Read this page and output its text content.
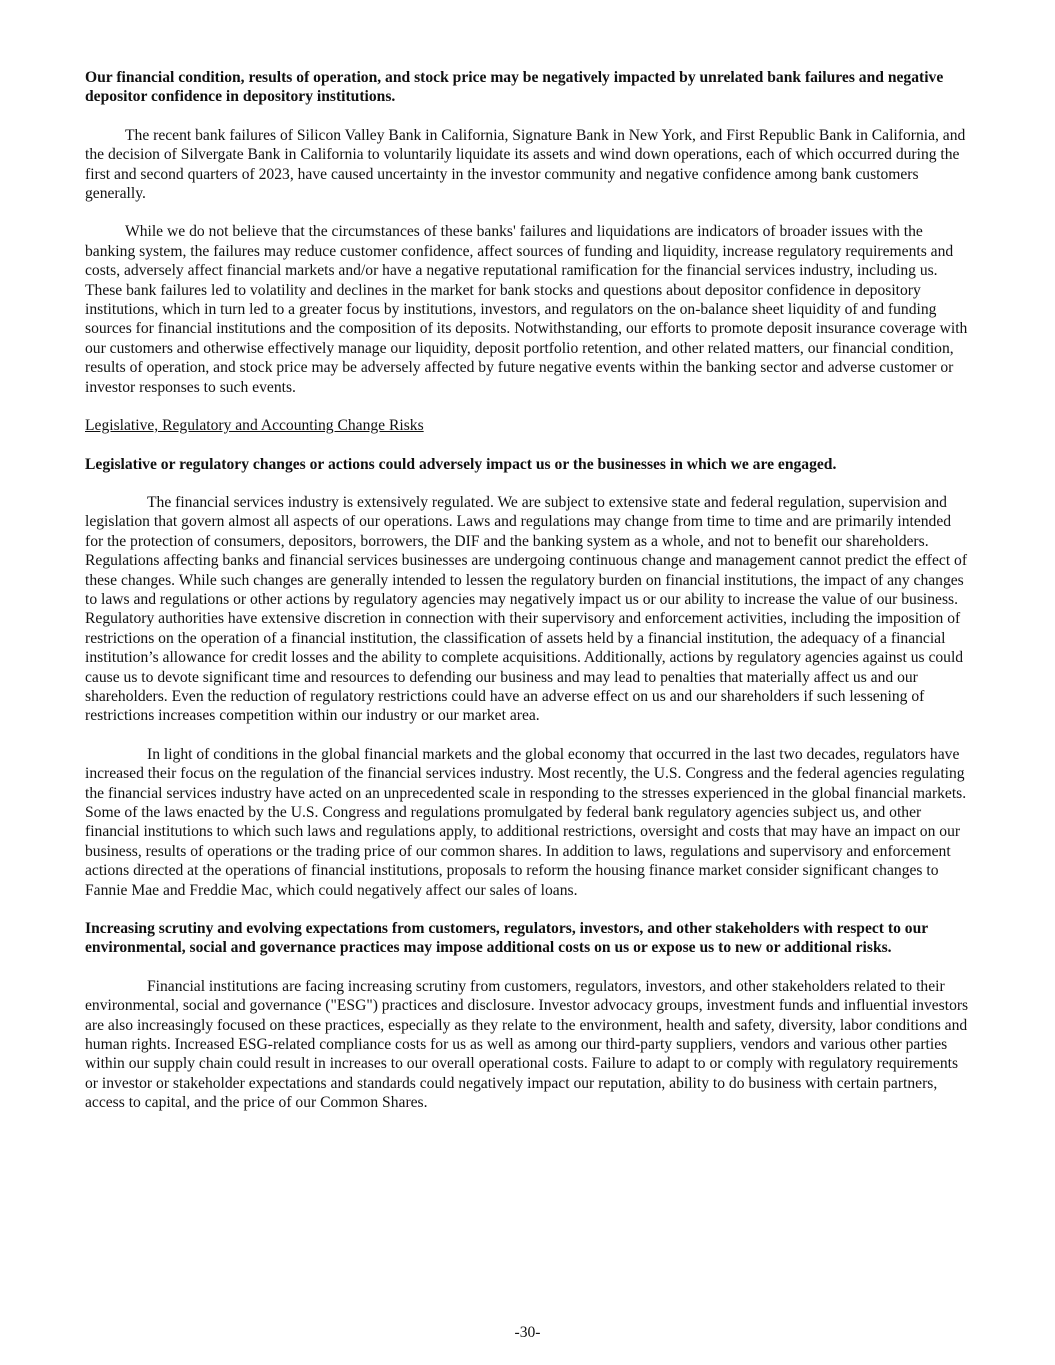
Our financial condition, results of operation, and stock price may be negatively impacted by unrelated bank failures and negative depositor confidence in depository institutions.

The recent bank failures of Silicon Valley Bank in California, Signature Bank in New York, and First Republic Bank in California, and the decision of Silvergate Bank in California to voluntarily liquidate its assets and wind down operations, each of which occurred during the first and second quarters of 2023, have caused uncertainty in the investor community and negative confidence among bank customers generally.

While we do not believe that the circumstances of these banks' failures and liquidations are indicators of broader issues with the banking system, the failures may reduce customer confidence, affect sources of funding and liquidity, increase regulatory requirements and costs, adversely affect financial markets and/or have a negative reputational ramification for the financial services industry, including us. These bank failures led to volatility and declines in the market for bank stocks and questions about depositor confidence in depository institutions, which in turn led to a greater focus by institutions, investors, and regulators on the on-balance sheet liquidity of and funding sources for financial institutions and the composition of its deposits. Notwithstanding, our efforts to promote deposit insurance coverage with our customers and otherwise effectively manage our liquidity, deposit portfolio retention, and other related matters, our financial condition, results of operation, and stock price may be adversely affected by future negative events within the banking sector and adverse customer or investor responses to such events.

Legislative, Regulatory and Accounting Change Risks

Legislative or regulatory changes or actions could adversely impact us or the businesses in which we are engaged.

The financial services industry is extensively regulated. We are subject to extensive state and federal regulation, supervision and legislation that govern almost all aspects of our operations. Laws and regulations may change from time to time and are primarily intended for the protection of consumers, depositors, borrowers, the DIF and the banking system as a whole, and not to benefit our shareholders. Regulations affecting banks and financial services businesses are undergoing continuous change and management cannot predict the effect of these changes. While such changes are generally intended to lessen the regulatory burden on financial institutions, the impact of any changes to laws and regulations or other actions by regulatory agencies may negatively impact us or our ability to increase the value of our business. Regulatory authorities have extensive discretion in connection with their supervisory and enforcement activities, including the imposition of restrictions on the operation of a financial institution, the classification of assets held by a financial institution, the adequacy of a financial institution’s allowance for credit losses and the ability to complete acquisitions. Additionally, actions by regulatory agencies against us could cause us to devote significant time and resources to defending our business and may lead to penalties that materially affect us and our shareholders. Even the reduction of regulatory restrictions could have an adverse effect on us and our shareholders if such lessening of restrictions increases competition within our industry or our market area.

In light of conditions in the global financial markets and the global economy that occurred in the last two decades, regulators have increased their focus on the regulation of the financial services industry. Most recently, the U.S. Congress and the federal agencies regulating the financial services industry have acted on an unprecedented scale in responding to the stresses experienced in the global financial markets. Some of the laws enacted by the U.S. Congress and regulations promulgated by federal bank regulatory agencies subject us, and other financial institutions to which such laws and regulations apply, to additional restrictions, oversight and costs that may have an impact on our business, results of operations or the trading price of our common shares. In addition to laws, regulations and supervisory and enforcement actions directed at the operations of financial institutions, proposals to reform the housing finance market consider significant changes to Fannie Mae and Freddie Mac, which could negatively affect our sales of loans.

Increasing scrutiny and evolving expectations from customers, regulators, investors, and other stakeholders with respect to our environmental, social and governance practices may impose additional costs on us or expose us to new or additional risks.

Financial institutions are facing increasing scrutiny from customers, regulators, investors, and other stakeholders related to their environmental, social and governance ("ESG") practices and disclosure. Investor advocacy groups, investment funds and influential investors are also increasingly focused on these practices, especially as they relate to the environment, health and safety, diversity, labor conditions and human rights. Increased ESG-related compliance costs for us as well as among our third-party suppliers, vendors and various other parties within our supply chain could result in increases to our overall operational costs. Failure to adapt to or comply with regulatory requirements or investor or stakeholder expectations and standards could negatively impact our reputation, ability to do business with certain partners, access to capital, and the price of our Common Shares.

-30-
